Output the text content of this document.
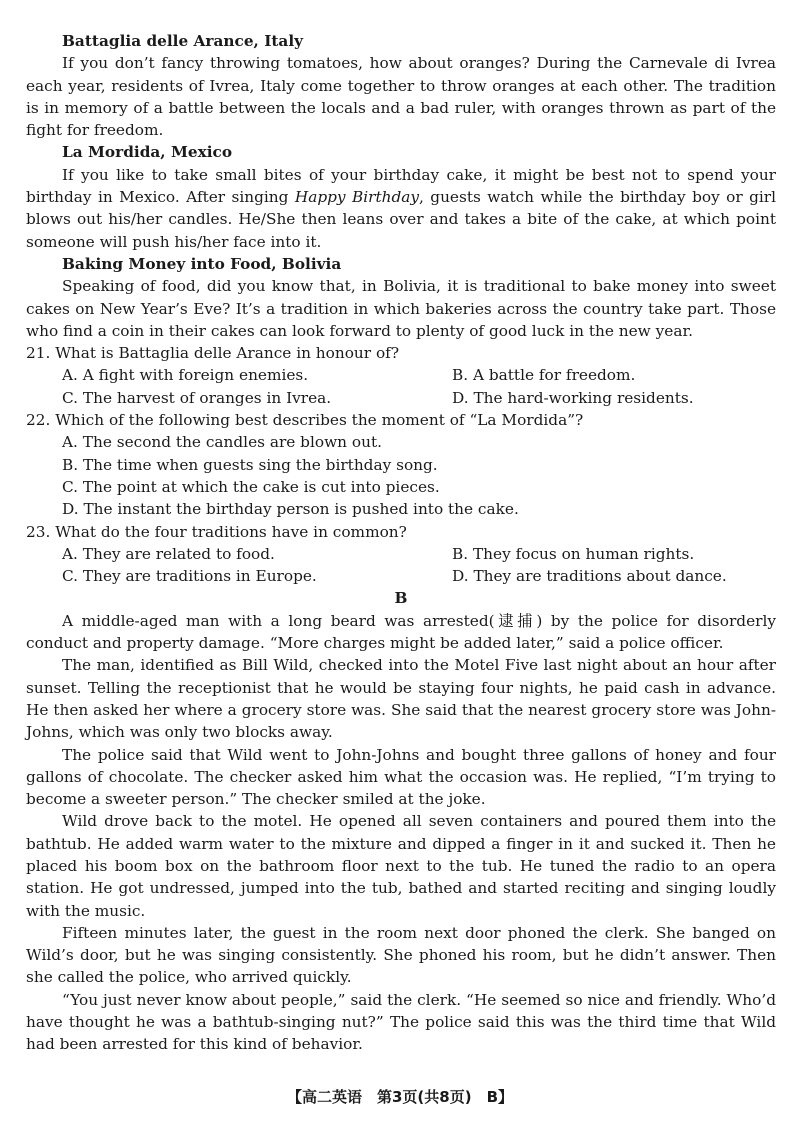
Battaglia delle Arance, Italy

If you don’t fancy throwing tomatoes, how about oranges? During the Carnevale di Ivrea each year, residents of Ivrea, Italy come together to throw oranges at each other. The tradition is in memory of a battle between the locals and a bad ruler, with oranges thrown as part of the fight for freedom.

La Mordida, Mexico

If you like to take small bites of your birthday cake, it might be best not to spend your birthday in Mexico. After singing Happy Birthday, guests watch while the birthday boy or girl blows out his/her candles. He/She then leans over and takes a bite of the cake, at which point someone will push his/her face into it.

Baking Money into Food, Bolivia

Speaking of food, did you know that, in Bolivia, it is traditional to bake money into sweet cakes on New Year’s Eve? It’s a tradition in which bakeries across the country take part. Those who find a coin in their cakes can look forward to plenty of good luck in the new year.

21. What is Battaglia delle Arance in honour of?

A. A fight with foreign enemies.	B. A battle for freedom.
C. The harvest of oranges in Ivrea.	D. The hard-working residents.

22. Which of the following best describes the moment of “La Mordida”?

A. The second the candles are blown out.

B. The time when guests sing the birthday song.

C. The point at which the cake is cut into pieces.

D. The instant the birthday person is pushed into the cake.

23. What do the four traditions have in common?

A. They are related to food.	B. They focus on human rights.
C. They are traditions in Europe.	D. They are traditions about dance.

B

A middle-aged man with a long beard was arrested(逮捕) by the police for disorderly conduct and property damage. “More charges might be added later,” said a police officer.

The man, identified as Bill Wild, checked into the Motel Five last night about an hour after sunset. Telling the receptionist that he would be staying four nights, he paid cash in advance. He then asked her where a grocery store was. She said that the nearest grocery store was John-Johns, which was only two blocks away.

The police said that Wild went to John-Johns and bought three gallons of honey and four gallons of chocolate. The checker asked him what the occasion was. He replied, “I’m trying to become a sweeter person.” The checker smiled at the joke.

Wild drove back to the motel. He opened all seven containers and poured them into the bathtub. He added warm water to the mixture and dipped a finger in it and sucked it. Then he placed his boom box on the bathroom floor next to the tub. He tuned the radio to an opera station. He got undressed, jumped into the tub, bathed and started reciting and singing loudly with the music.

Fifteen minutes later, the guest in the room next door phoned the clerk. She banged on Wild’s door, but he was singing consistently. She phoned his room, but he didn’t answer. Then she called the police, who arrived quickly.

“You just never know about people,” said the clerk. “He seemed so nice and friendly. Who’d have thought he was a bathtub-singing nut?” The police said this was the third time that Wild had been arrested for this kind of behavior.

【高二英语　第3页(共8页)　B】
